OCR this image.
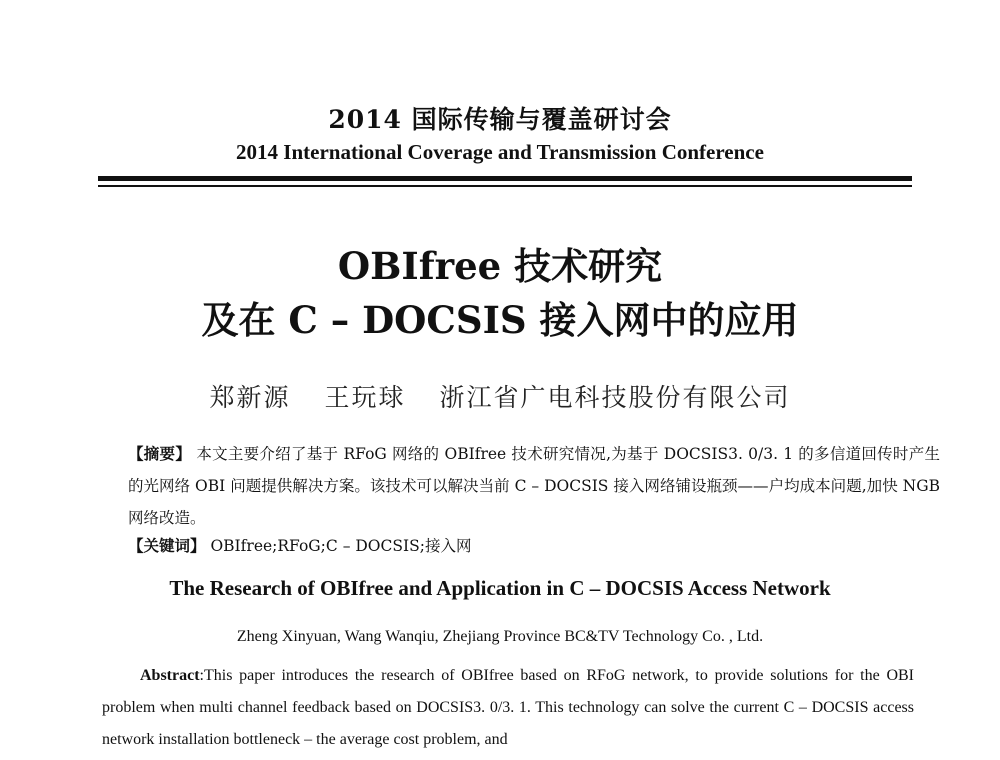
2014 国际传输与覆盖研讨会
2014 International Coverage and Transmission Conference
OBIfree 技术研究
及在 C – DOCSIS 接入网中的应用
郑新源 王玩球 浙江省广电科技股份有限公司
【摘要】 本文主要介绍了基于 RFoG 网络的 OBIfree 技术研究情况,为基于 DOCSIS3. 0/3. 1 的多信道回传时产生的光网络 OBI 问题提供解决方案。该技术可以解决当前 C – DOCSIS 接入网络铺设瓶颈——户均成本问题,加快 NGB 网络改造。
【关键词】 OBIfree;RFoG;C – DOCSIS;接入网
The Research of OBIfree and Application in C – DOCSIS Access Network
Zheng Xinyuan, Wang Wanqiu, Zhejiang Province BC&TV Technology Co. , Ltd.
Abstract:This paper introduces the research of OBIfree based on RFoG network, to provide solutions for the OBI problem when multi channel feedback based on DOCSIS3. 0/3. 1. This technology can solve the current C – DOCSIS access network installation bottleneck – the average cost problem, and
